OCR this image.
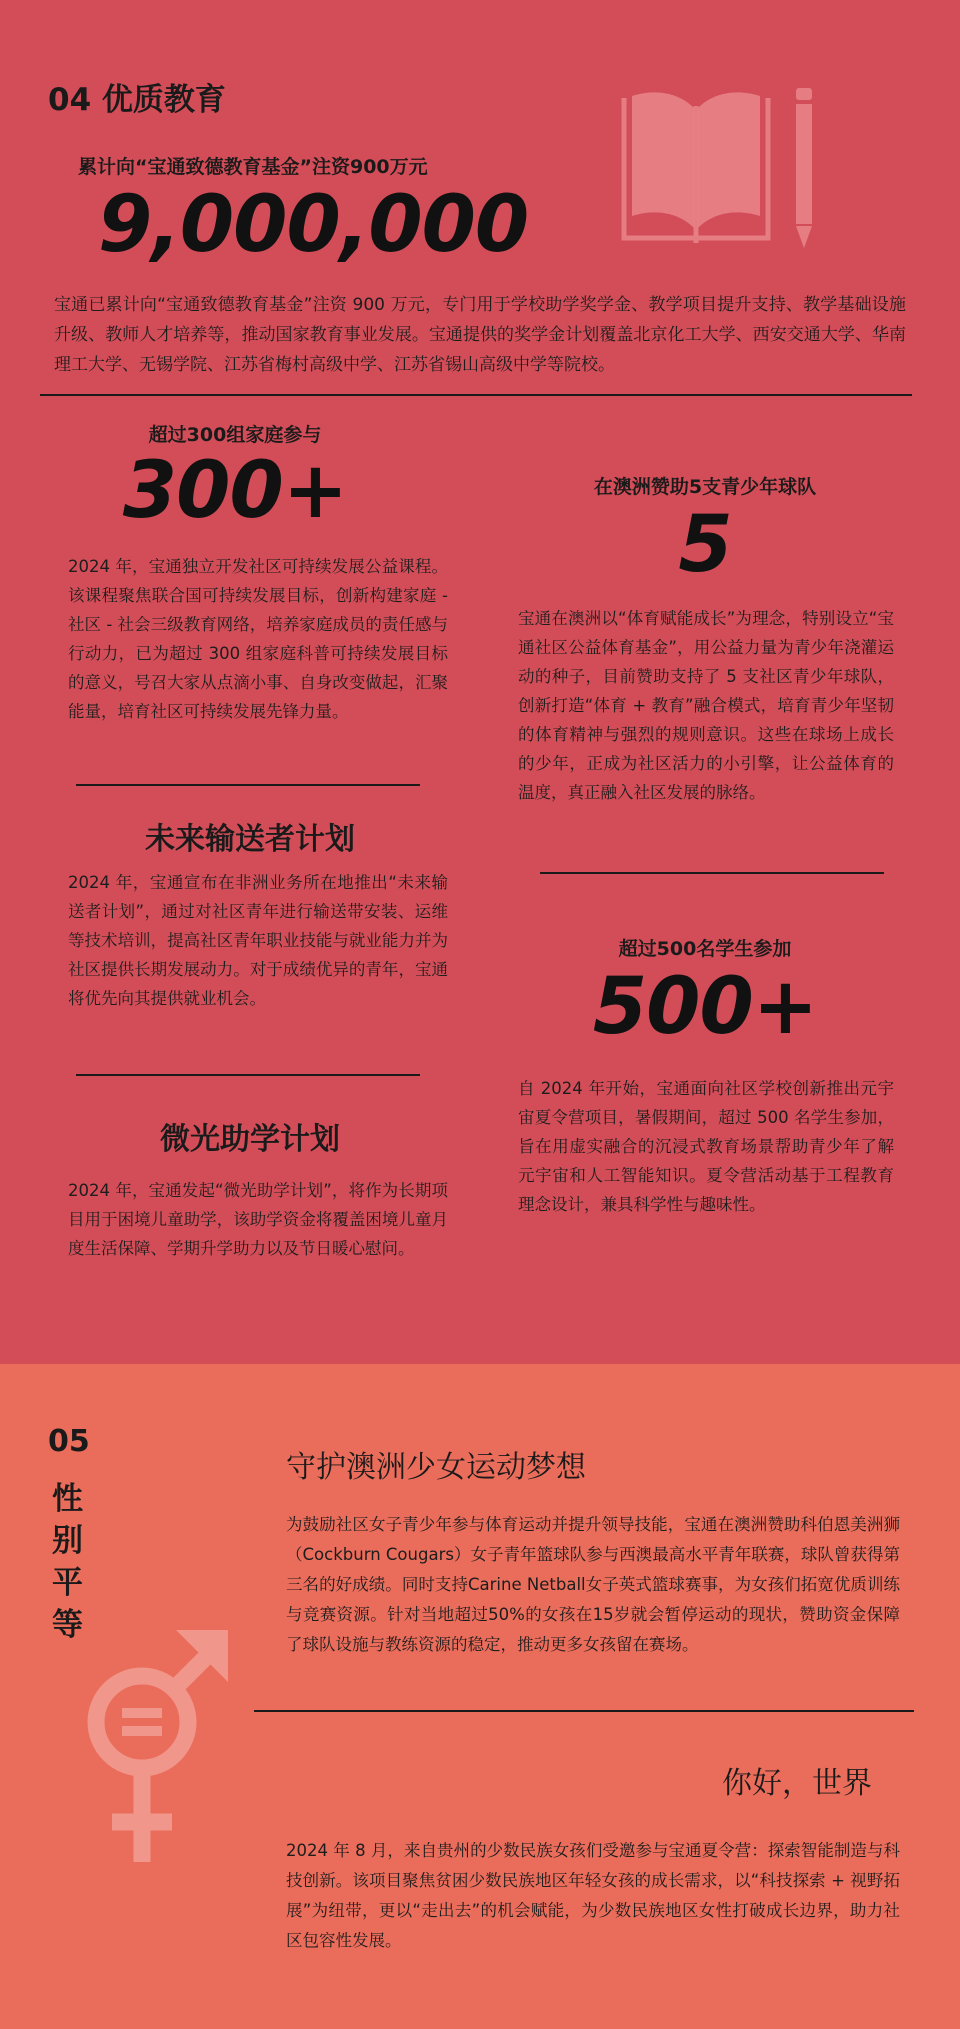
04 优质教育
累计向“宝通致德教育基金”注资900万元
9,000,000
宝通已累计向“宝通致德教育基金”注资 900 万元，专门用于学校助学奖学金、教学项目提升支持、教学基础设施升级、教师人才培养等，推动国家教育事业发展。宝通提供的奖学金计划覆盖北京化工大学、西安交通大学、华南理工大学、无锡学院、江苏省梅村高级中学、江苏省锡山高级中学等院校。
超过300组家庭参与
300+
2024 年，宝通独立开发社区可持续发展公益课程。该课程聚焦联合国可持续发展目标，创新构建家庭 - 社区 - 社会三级教育网络，培养家庭成员的责任感与行动力，已为超过 300 组家庭科普可持续发展目标的意义，号召大家从点滴小事、自身改变做起，汇聚能量，培育社区可持续发展先锋力量。
未来输送者计划
2024 年，宝通宣布在非洲业务所在地推出“未来输送者计划”，通过对社区青年进行输送带安装、运维等技术培训，提高社区青年职业技能与就业能力并为社区提供长期发展动力。对于成绩优异的青年，宝通将优先向其提供就业机会。
微光助学计划
2024 年，宝通发起“微光助学计划”，将作为长期项目用于困境儿童助学，该助学资金将覆盖困境儿童月度生活保障、学期升学助力以及节日暖心慰问。
在澳洲赞助5支青少年球队
5
宝通在澳洲以“体育赋能成长”为理念，特别设立“宝通社区公益体育基金”，用公益力量为青少年浇灌运动的种子，目前赞助支持了 5 支社区青少年球队，创新打造“体育 + 教育”融合模式，培育青少年坚韧的体育精神与强烈的规则意识。这些在球场上成长的少年，正成为社区活力的小引擎，让公益体育的温度，真正融入社区发展的脉络。
超过500名学生参加
500+
自 2024 年开始，宝通面向社区学校创新推出元宇宙夏令营项目，暑假期间，超过 500 名学生参加，旨在用虚实融合的沉浸式教育场景帮助青少年了解元宇宙和人工智能知识。夏令营活动基于工程教育理念设计，兼具科学性与趣味性。
05
性
别
平
等
守护澳洲少女运动梦想
为鼓励社区女子青少年参与体育运动并提升领导技能，宝通在澳洲赞助科伯恩美洲狮（Cockburn Cougars）女子青年篮球队参与西澳最高水平青年联赛，球队曾获得第三名的好成绩。同时支持Carine Netball女子英式篮球赛事，为女孩们拓宽优质训练与竞赛资源。针对当地超过50%的女孩在15岁就会暂停运动的现状，赞助资金保障了球队设施与教练资源的稳定，推动更多女孩留在赛场。
你好，世界
2024 年 8 月，来自贵州的少数民族女孩们受邀参与宝通夏令营：探索智能制造与科技创新。该项目聚焦贫困少数民族地区年轻女孩的成长需求，以“科技探索 + 视野拓展”为纽带，更以“走出去”的机会赋能，为少数民族地区女性打破成长边界，助力社区包容性发展。
